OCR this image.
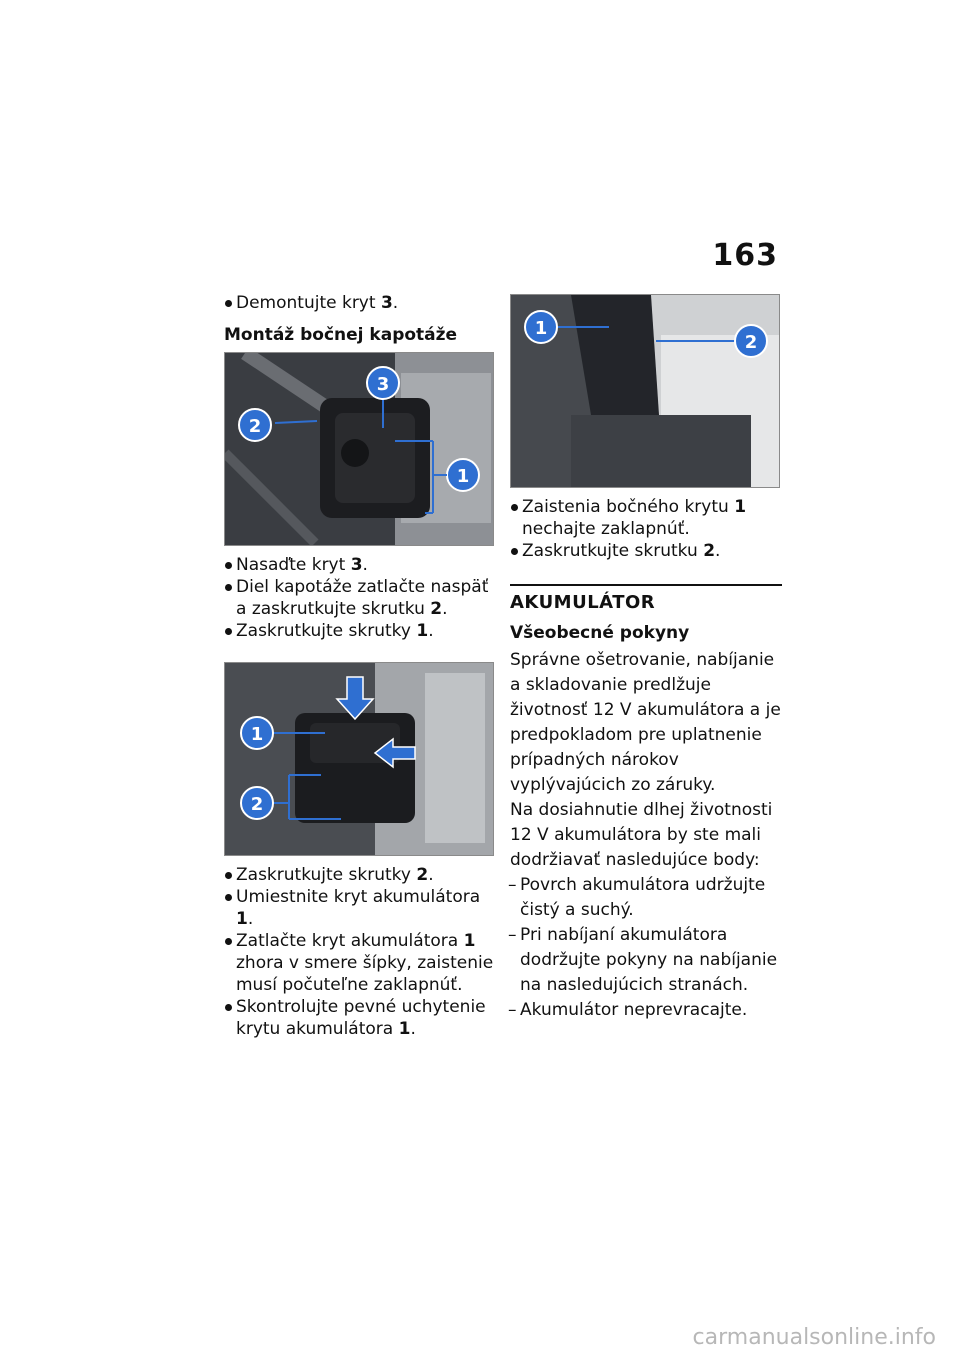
163

Demontujte kryt 3.

Montáž bočnej kapotáže
2
3
1

Nasaďte kryt 3.

Diel kapotáže zatlačte naspäť a zaskrutkujte skrutku 2.

Zaskrutkujte skrutky 1.

1
2

Zaskrutkujte skrutky 2.

Umiestnite kryt akumulátora 1.

Zatlačte kryt akumulátora 1 zhora v smere šípky, zaistenie musí počuteľne zaklapnúť.

Skontrolujte pevné uchytenie krytu akumulátora 1.

1
2

Zaistenia bočného krytu 1 nechajte zaklapnúť.

Zaskrutkujte skrutku 2.

AKUMULÁTOR
Všeobecné pokyny

Správne ošetrovanie, nabíjanie a skladovanie predlžuje životnosť 12 V akumulátora a je predpokladom pre uplatnenie prípadných nárokov vyplývajúcich zo záruky.

Na dosiahnutie dlhej životnosti 12 V akumulátora by ste mali dodržiavať nasledujúce body:

– Povrch akumulátora udržujte čistý a suchý.
– Pri nabíjaní akumulátora dodržujte pokyny na nabíjanie na nasledujúcich stranách.
– Akumulátor neprevracajte.
carmanualsonline.info
